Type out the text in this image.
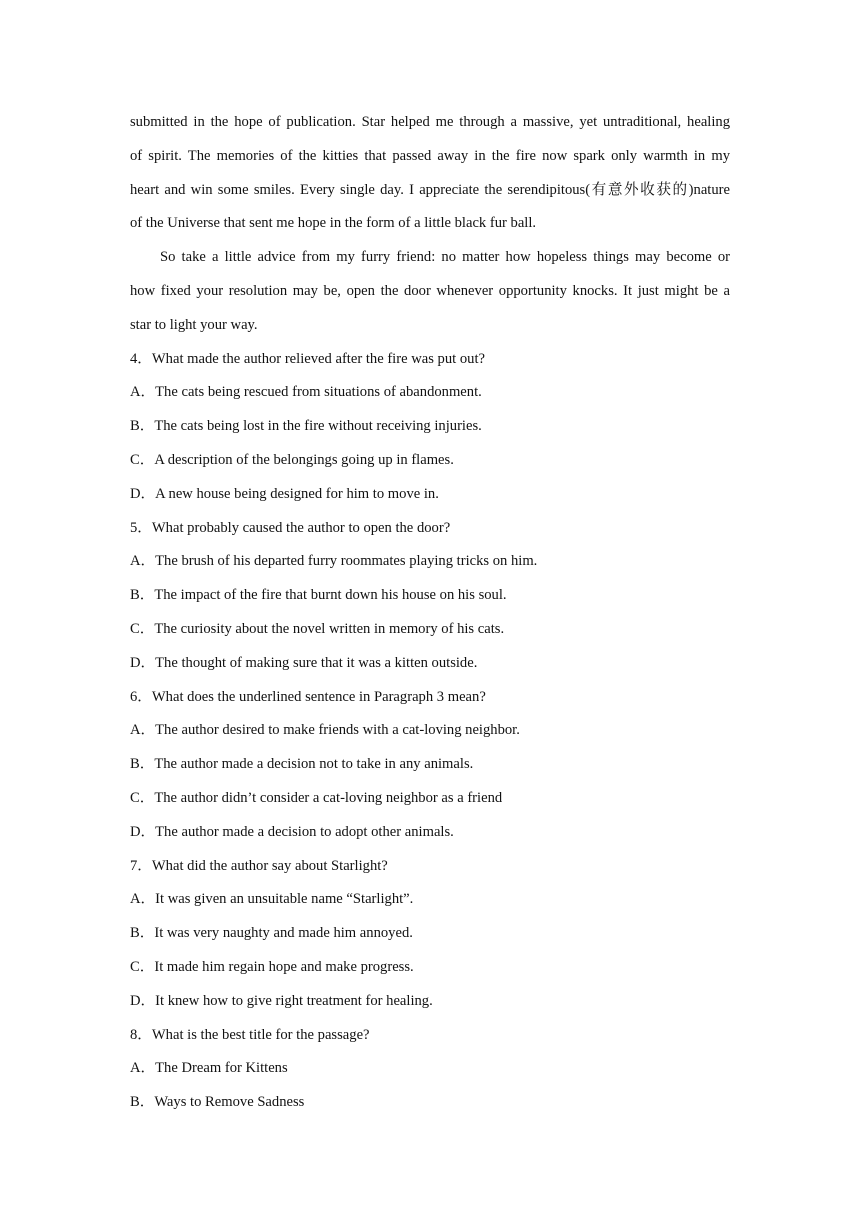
submitted in the hope of publication. Star helped me through a massive, yet untraditional, healing
of spirit. The memories of the kitties that passed away in the fire now spark only warmth in my
heart and win some smiles. Every single day. I appreciate the serendipitous(有意外收获的)nature
of the Universe that sent me hope in the form of a little black fur ball.
So take a little advice from my furry friend: no matter how hopeless things may become or
how fixed your resolution may be, open the door whenever opportunity knocks. It just might be a
star to light your way.
4．What made the author relieved after the fire was put out?
A．The cats being rescued from situations of abandonment.
B．The cats being lost in the fire without receiving injuries.
C．A description of the belongings going up in flames.
D．A new house being designed for him to move in.
5．What probably caused the author to open the door?
A．The brush of his departed furry roommates playing tricks on him.
B．The impact of the fire that burnt down his house on his soul.
C．The curiosity about the novel written in memory of his cats.
D．The thought of making sure that it was a kitten outside.
6．What does the underlined sentence in Paragraph 3 mean?
A．The author desired to make friends with a cat-loving neighbor.
B．The author made a decision not to take in any animals.
C．The author didn’t consider a cat-loving neighbor as a friend
D．The author made a decision to adopt other animals.
7．What did the author say about Starlight?
A．It was given an unsuitable name “Starlight”.
B．It was very naughty and made him annoyed.
C．It made him regain hope and make progress.
D．It knew how to give right treatment for healing.
8．What is the best title for the passage?
A．The Dream for Kittens
B．Ways to Remove Sadness
